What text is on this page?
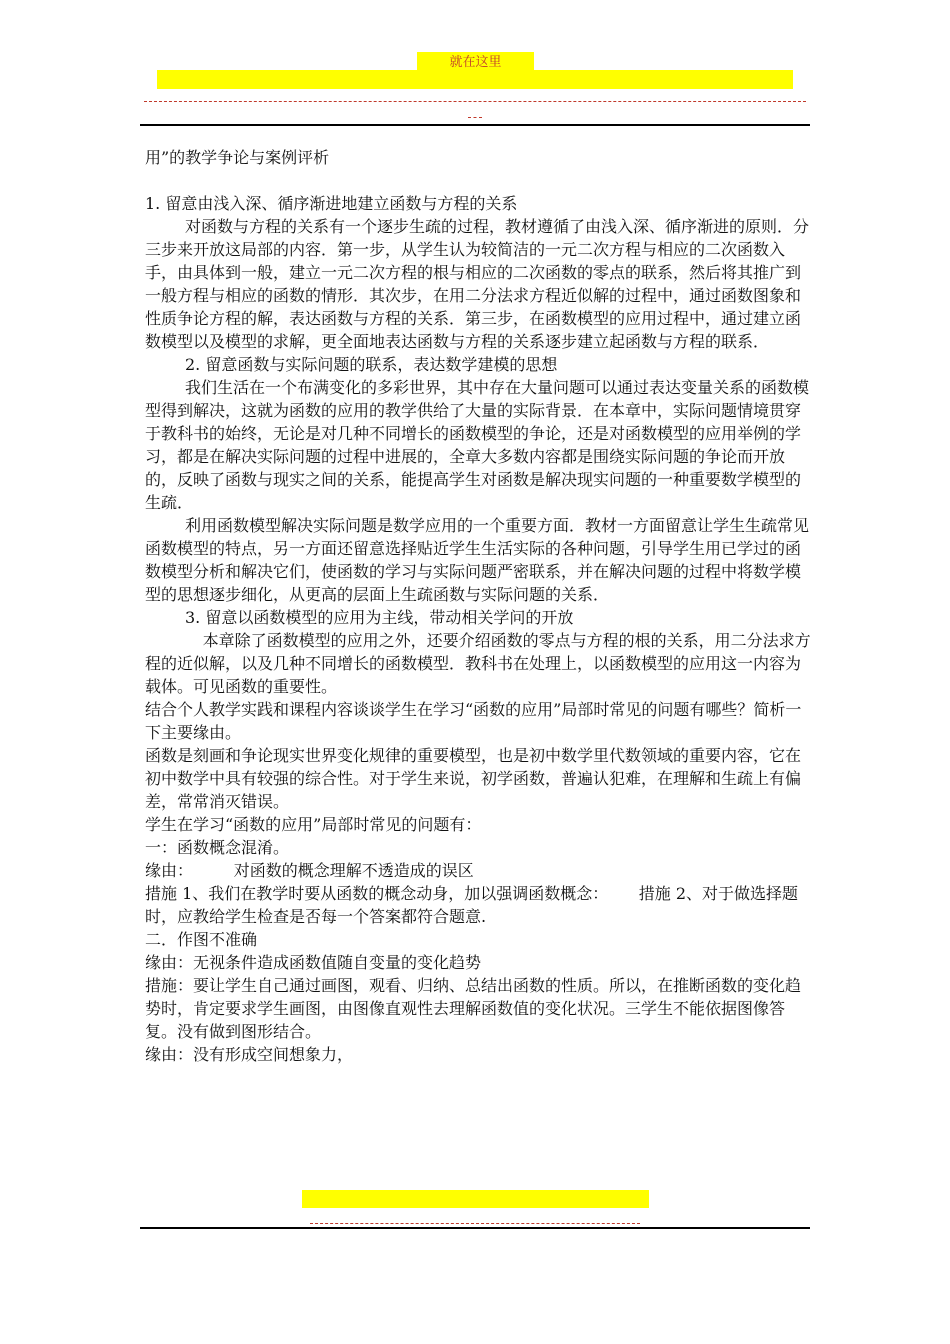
就在这里

用”的教学争论与案例评析

1. 留意由浅入深、循序渐进地建立函数与方程的关系

对函数与方程的关系有一个逐步生疏的过程，教材遵循了由浅入深、循序渐进的原则．分三步来开放这局部的内容．第一步，从学生认为较简洁的一元二次方程与相应的二次函数入手，由具体到一般，建立一元二次方程的根与相应的二次函数的零点的联系，然后将其推广到一般方程与相应的函数的情形．其次步，在用二分法求方程近似解的过程中，通过函数图象和性质争论方程的解，表达函数与方程的关系．第三步，在函数模型的应用过程中，通过建立函数模型以及模型的求解，更全面地表达函数与方程的关系逐步建立起函数与方程的联系．

2. 留意函数与实际问题的联系，表达数学建模的思想

我们生活在一个布满变化的多彩世界，其中存在大量问题可以通过表达变量关系的函数模型得到解决，这就为函数的应用的教学供给了大量的实际背景．在本章中，实际问题情境贯穿于教科书的始终，无论是对几种不同增长的函数模型的争论，还是对函数模型的应用举例的学习，都是在解决实际问题的过程中进展的，全章大多数内容都是围绕实际问题的争论而开放的，反映了函数与现实之间的关系，能提高学生对函数是解决现实问题的一种重要数学模型的生疏．

利用函数模型解决实际问题是数学应用的一个重要方面．教材一方面留意让学生生疏常见函数模型的特点，另一方面还留意选择贴近学生生活实际的各种问题，引导学生用已学过的函数模型分析和解决它们，使函数的学习与实际问题严密联系，并在解决问题的过程中将数学模型的思想逐步细化，从更高的层面上生疏函数与实际问题的关系．

3. 留意以函数模型的应用为主线，带动相关学问的开放

本章除了函数模型的应用之外，还要介绍函数的零点与方程的根的关系，用二分法求方程的近似解，以及几种不同增长的函数模型．教科书在处理上，以函数模型的应用这一内容为载体。可见函数的重要性。

结合个人教学实践和课程内容谈谈学生在学习“函数的应用”局部时常见的问题有哪些？简析一下主要缘由。

函数是刻画和争论现实世界变化规律的重要模型，也是初中数学里代数领域的重要内容，它在初中数学中具有较强的综合性。对于学生来说，初学函数，普遍认犯难，在理解和生疏上有偏差，常常消灭错误。

学生在学习“函数的应用”局部时常见的问题有：

一：函数概念混淆。

缘由：        对函数的概念理解不透造成的误区

措施 1、我们在教学时要从函数的概念动身，加以强调函数概念：      措施 2、对于做选择题时，应教给学生检查是否每一个答案都符合题意.

二．作图不准确

缘由：无视条件造成函数值随自变量的变化趋势

措施：要让学生自己通过画图，观看、归纳、总结出函数的性质。所以，在推断函数的变化趋势时，肯定要求学生画图，由图像直观性去理解函数值的变化状况。三学生不能依据图像答复。没有做到图形结合。

缘由：没有形成空间想象力，
